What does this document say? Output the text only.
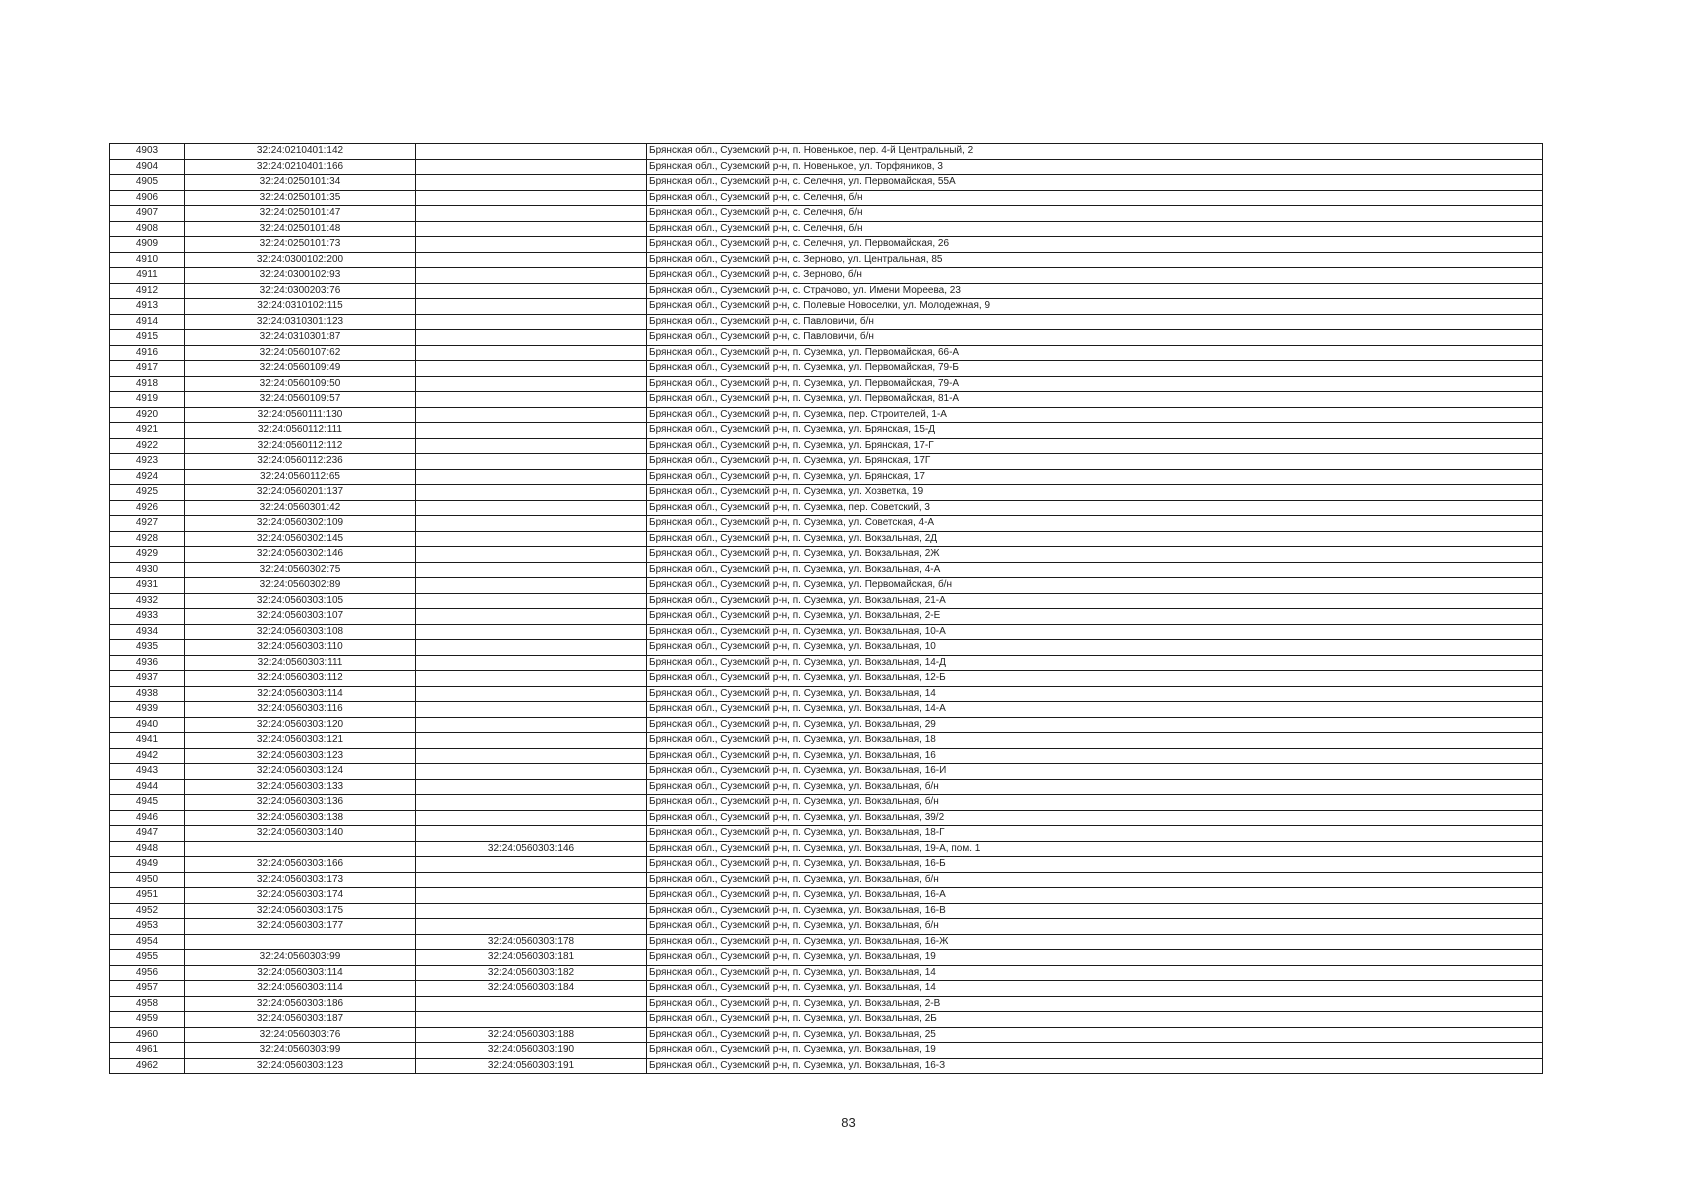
4903	32:24:0210401:142		Брянская обл., Суземский р-н, п. Новенькое, пер. 4-й Центральный, 2
4904	32:24:0210401:166		Брянская обл., Суземский р-н, п. Новенькое, ул. Торфяников, 3
4905	32:24:0250101:34		Брянская обл., Суземский р-н, с. Селечня, ул. Первомайская, 55А
4906	32:24:0250101:35		Брянская обл., Суземский р-н, с. Селечня, б/н
4907	32:24:0250101:47		Брянская обл., Суземский р-н, с. Селечня, б/н
4908	32:24:0250101:48		Брянская обл., Суземский р-н, с. Селечня, б/н
4909	32:24:0250101:73		Брянская обл., Суземский р-н, с. Селечня, ул. Первомайская, 26
4910	32:24:0300102:200		Брянская обл., Суземский р-н, с. Зерново, ул. Центральная, 85
4911	32:24:0300102:93		Брянская обл., Суземский р-н, с. Зерново, б/н
4912	32:24:0300203:76		Брянская обл., Суземский р-н, с. Страчово, ул. Имени Мореева, 23
4913	32:24:0310102:115		Брянская обл., Суземский р-н, с. Полевые Новоселки, ул. Молодежная, 9
4914	32:24:0310301:123		Брянская обл., Суземский р-н, с. Павловичи, б/н
4915	32:24:0310301:87		Брянская обл., Суземский р-н, с. Павловичи, б/н
4916	32:24:0560107:62		Брянская обл., Суземский р-н, п. Суземка, ул. Первомайская, 66-А
4917	32:24:0560109:49		Брянская обл., Суземский р-н, п. Суземка, ул. Первомайская, 79-Б
4918	32:24:0560109:50		Брянская обл., Суземский р-н, п. Суземка, ул. Первомайская, 79-А
4919	32:24:0560109:57		Брянская обл., Суземский р-н, п. Суземка, ул. Первомайская, 81-А
4920	32:24:0560111:130		Брянская обл., Суземский р-н, п. Суземка, пер. Строителей, 1-А
4921	32:24:0560112:111		Брянская обл., Суземский р-н, п. Суземка, ул. Брянская, 15-Д
4922	32:24:0560112:112		Брянская обл., Суземский р-н, п. Суземка, ул. Брянская, 17-Г
4923	32:24:0560112:236		Брянская обл., Суземский р-н, п. Суземка, ул. Брянская, 17Г
4924	32:24:0560112:65		Брянская обл., Суземский р-н, п. Суземка, ул. Брянская, 17
4925	32:24:0560201:137		Брянская обл., Суземский р-н, п. Суземка, ул. Хозветка, 19
4926	32:24:0560301:42		Брянская обл., Суземский р-н, п. Суземка, пер. Советский, 3
4927	32:24:0560302:109		Брянская обл., Суземский р-н, п. Суземка, ул. Советская, 4-А
4928	32:24:0560302:145		Брянская обл., Суземский р-н, п. Суземка, ул. Вокзальная, 2Д
4929	32:24:0560302:146		Брянская обл., Суземский р-н, п. Суземка, ул. Вокзальная, 2Ж
4930	32:24:0560302:75		Брянская обл., Суземский р-н, п. Суземка, ул. Вокзальная, 4-А
4931	32:24:0560302:89		Брянская обл., Суземский р-н, п. Суземка, ул. Первомайская, б/н
4932	32:24:0560303:105		Брянская обл., Суземский р-н, п. Суземка, ул. Вокзальная, 21-А
4933	32:24:0560303:107		Брянская обл., Суземский р-н, п. Суземка, ул. Вокзальная, 2-Е
4934	32:24:0560303:108		Брянская обл., Суземский р-н, п. Суземка, ул. Вокзальная, 10-А
4935	32:24:0560303:110		Брянская обл., Суземский р-н, п. Суземка, ул. Вокзальная, 10
4936	32:24:0560303:111		Брянская обл., Суземский р-н, п. Суземка, ул. Вокзальная, 14-Д
4937	32:24:0560303:112		Брянская обл., Суземский р-н, п. Суземка, ул. Вокзальная, 12-Б
4938	32:24:0560303:114		Брянская обл., Суземский р-н, п. Суземка, ул. Вокзальная, 14
4939	32:24:0560303:116		Брянская обл., Суземский р-н, п. Суземка, ул. Вокзальная, 14-А
4940	32:24:0560303:120		Брянская обл., Суземский р-н, п. Суземка, ул. Вокзальная, 29
4941	32:24:0560303:121		Брянская обл., Суземский р-н, п. Суземка, ул. Вокзальная, 18
4942	32:24:0560303:123		Брянская обл., Суземский р-н, п. Суземка, ул. Вокзальная, 16
4943	32:24:0560303:124		Брянская обл., Суземский р-н, п. Суземка, ул. Вокзальная, 16-И
4944	32:24:0560303:133		Брянская обл., Суземский р-н, п. Суземка, ул. Вокзальная, б/н
4945	32:24:0560303:136		Брянская обл., Суземский р-н, п. Суземка, ул. Вокзальная, б/н
4946	32:24:0560303:138		Брянская обл., Суземский р-н, п. Суземка, ул. Вокзальная, 39/2
4947	32:24:0560303:140		Брянская обл., Суземский р-н, п. Суземка, ул. Вокзальная, 18-Г
4948		32:24:0560303:146	Брянская обл., Суземский р-н, п. Суземка, ул. Вокзальная, 19-А, пом. 1
4949	32:24:0560303:166		Брянская обл., Суземский р-н, п. Суземка, ул. Вокзальная, 16-Б
4950	32:24:0560303:173		Брянская обл., Суземский р-н, п. Суземка, ул. Вокзальная, б/н
4951	32:24:0560303:174		Брянская обл., Суземский р-н, п. Суземка, ул. Вокзальная, 16-А
4952	32:24:0560303:175		Брянская обл., Суземский р-н, п. Суземка, ул. Вокзальная, 16-В
4953	32:24:0560303:177		Брянская обл., Суземский р-н, п. Суземка, ул. Вокзальная, б/н
4954		32:24:0560303:178	Брянская обл., Суземский р-н, п. Суземка, ул. Вокзальная, 16-Ж
4955	32:24:0560303:99	32:24:0560303:181	Брянская обл., Суземский р-н, п. Суземка, ул. Вокзальная, 19
4956	32:24:0560303:114	32:24:0560303:182	Брянская обл., Суземский р-н, п. Суземка, ул. Вокзальная, 14
4957	32:24:0560303:114	32:24:0560303:184	Брянская обл., Суземский р-н, п. Суземка, ул. Вокзальная, 14
4958	32:24:0560303:186		Брянская обл., Суземский р-н, п. Суземка, ул. Вокзальная, 2-В
4959	32:24:0560303:187		Брянская обл., Суземский р-н, п. Суземка, ул. Вокзальная, 2Б
4960	32:24:0560303:76	32:24:0560303:188	Брянская обл., Суземский р-н, п. Суземка, ул. Вокзальная, 25
4961	32:24:0560303:99	32:24:0560303:190	Брянская обл., Суземский р-н, п. Суземка, ул. Вокзальная, 19
4962	32:24:0560303:123	32:24:0560303:191	Брянская обл., Суземский р-н, п. Суземка, ул. Вокзальная, 16-З
83
